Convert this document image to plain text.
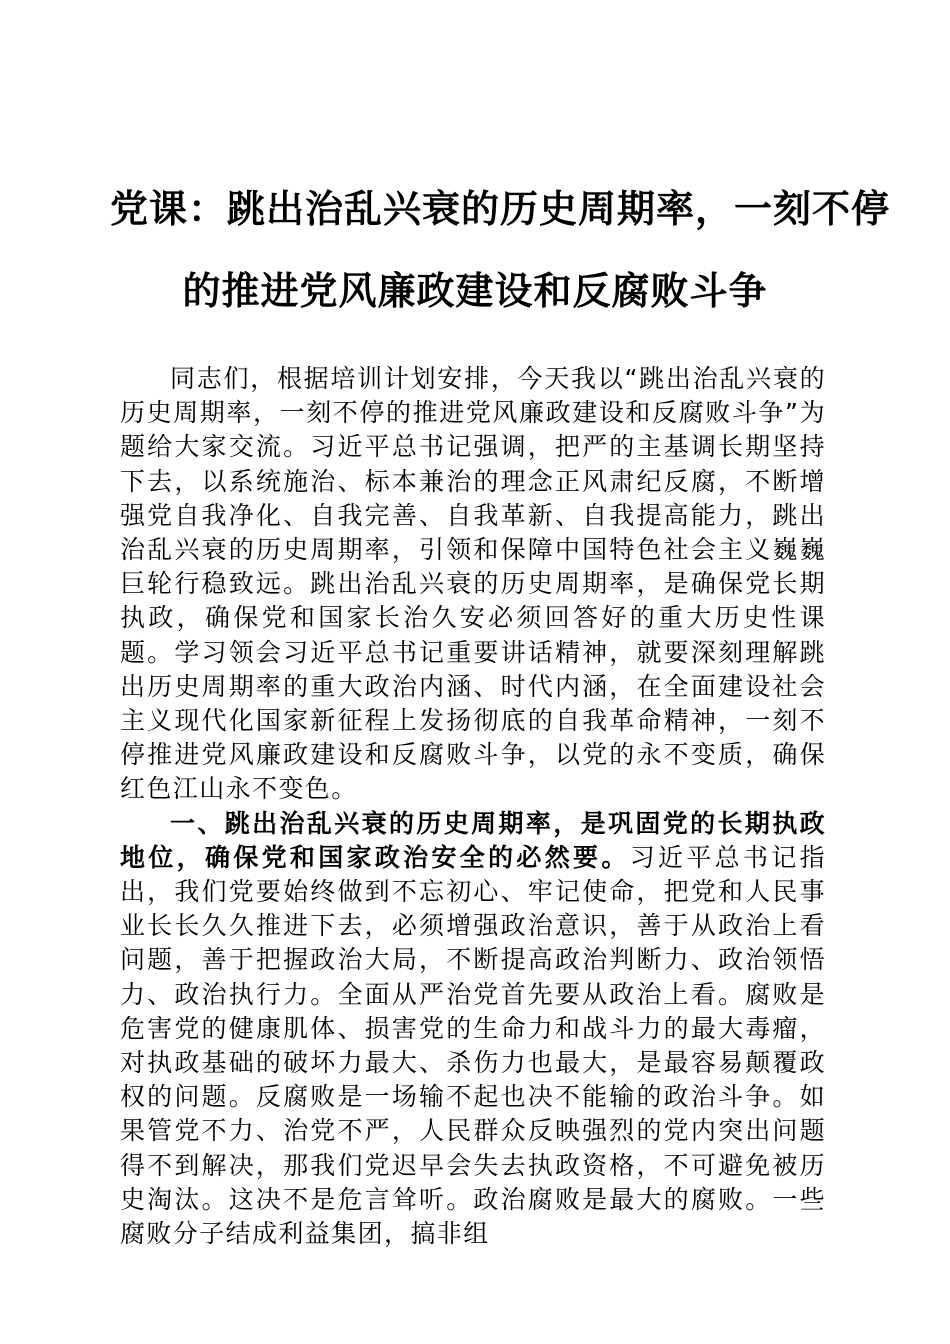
党课：跳出治乱兴衰的历史周期率，一刻不停
的推进党风廉政建设和反腐败斗争

同志们，根据培训计划安排，今天我以“跳出治乱兴衰的历史周期率，一刻不停的推进党风廉政建设和反腐败斗争”为题给大家交流。习近平总书记强调，把严的主基调长期坚持下去，以系统施治、标本兼治的理念正风肃纪反腐，不断增强党自我净化、自我完善、自我革新、自我提高能力，跳出治乱兴衰的历史周期率，引领和保障中国特色社会主义巍巍巨轮行稳致远。跳出治乱兴衰的历史周期率，是确保党长期执政，确保党和国家长治久安必须回答好的重大历史性课题。学习领会习近平总书记重要讲话精神，就要深刻理解跳出历史周期率的重大政治内涵、时代内涵，在全面建设社会主义现代化国家新征程上发扬彻底的自我革命精神，一刻不停推进党风廉政建设和反腐败斗争，以党的永不变质，确保红色江山永不变色。

一、跳出治乱兴衰的历史周期率，是巩固党的长期执政地位，确保党和国家政治安全的必然要。习近平总书记指出，我们党要始终做到不忘初心、牢记使命，把党和人民事业长长久久推进下去，必须增强政治意识，善于从政治上看问题，善于把握政治大局，不断提高政治判断力、政治领悟力、政治执行力。全面从严治党首先要从政治上看。腐败是危害党的健康肌体、损害党的生命力和战斗力的最大毒瘤，对执政基础的破坏力最大、杀伤力也最大，是最容易颠覆政权的问题。反腐败是一场输不起也决不能输的政治斗争。如果管党不力、治党不严，人民群众反映强烈的党内突出问题得不到解决，那我们党迟早会失去执政资格，不可避免被历史淘汰。这决不是危言耸听。政治腐败是最大的腐败。一些腐败分子结成利益集团，搞非组
